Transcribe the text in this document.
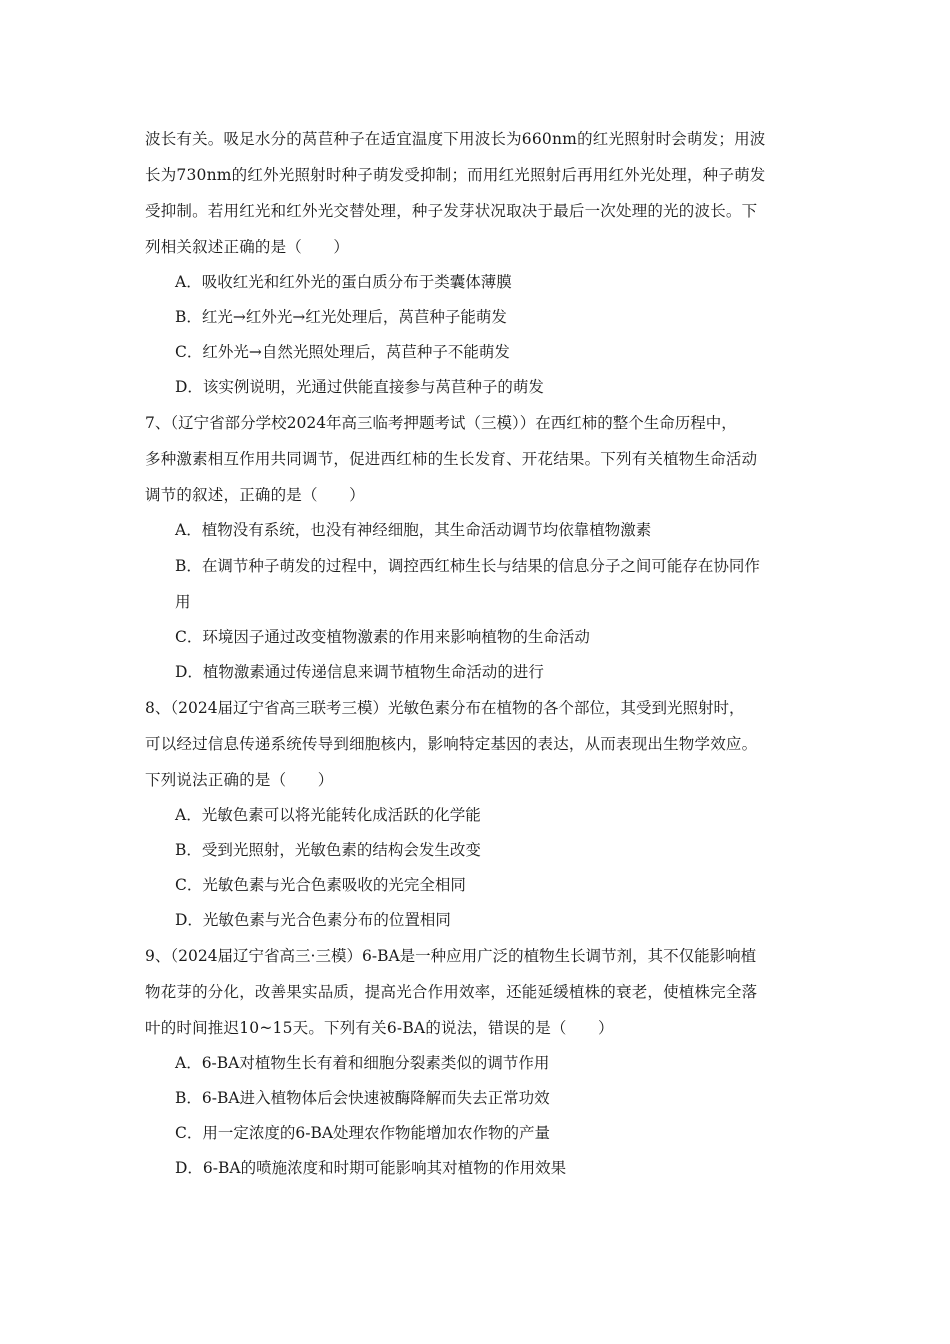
波长有关。吸足水分的莴苣种子在适宜温度下用波长为660nm的红光照射时会萌发；用波
长为730nm的红外光照射时种子萌发受抑制；而用红光照射后再用红外光处理，种子萌发
受抑制。若用红光和红外光交替处理，种子发芽状况取决于最后一次处理的光的波长。下
列相关叙述正确的是（　　）
A．吸收红光和红外光的蛋白质分布于类囊体薄膜
B．红光→红外光→红光处理后，莴苣种子能萌发
C．红外光→自然光照处理后，莴苣种子不能萌发
D．该实例说明，光通过供能直接参与莴苣种子的萌发
7、（辽宁省部分学校2024年高三临考押题考试（三模））在西红柿的整个生命历程中，
多种激素相互作用共同调节，促进西红柿的生长发育、开花结果。下列有关植物生命活动
调节的叙述，正确的是（　　）
A．植物没有系统，也没有神经细胞，其生命活动调节均依靠植物激素
B．在调节种子萌发的过程中，调控西红柿生长与结果的信息分子之间可能存在协同作
用
C．环境因子通过改变植物激素的作用来影响植物的生命活动
D．植物激素通过传递信息来调节植物生命活动的进行
8、（2024届辽宁省高三联考三模）光敏色素分布在植物的各个部位，其受到光照射时，
可以经过信息传递系统传导到细胞核内，影响特定基因的表达，从而表现出生物学效应。
下列说法正确的是（　　）
A．光敏色素可以将光能转化成活跃的化学能
B．受到光照射，光敏色素的结构会发生改变
C．光敏色素与光合色素吸收的光完全相同
D．光敏色素与光合色素分布的位置相同
9、（2024届辽宁省高三·三模）6-BA是一种应用广泛的植物生长调节剂，其不仅能影响植
物花芽的分化，改善果实品质，提高光合作用效率，还能延缓植株的衰老，使植株完全落
叶的时间推迟10~15天。下列有关6-BA的说法，错误的是（　　）
A．6-BA对植物生长有着和细胞分裂素类似的调节作用
B．6-BA进入植物体后会快速被酶降解而失去正常功效
C．用一定浓度的6-BA处理农作物能增加农作物的产量
D．6-BA的喷施浓度和时期可能影响其对植物的作用效果
